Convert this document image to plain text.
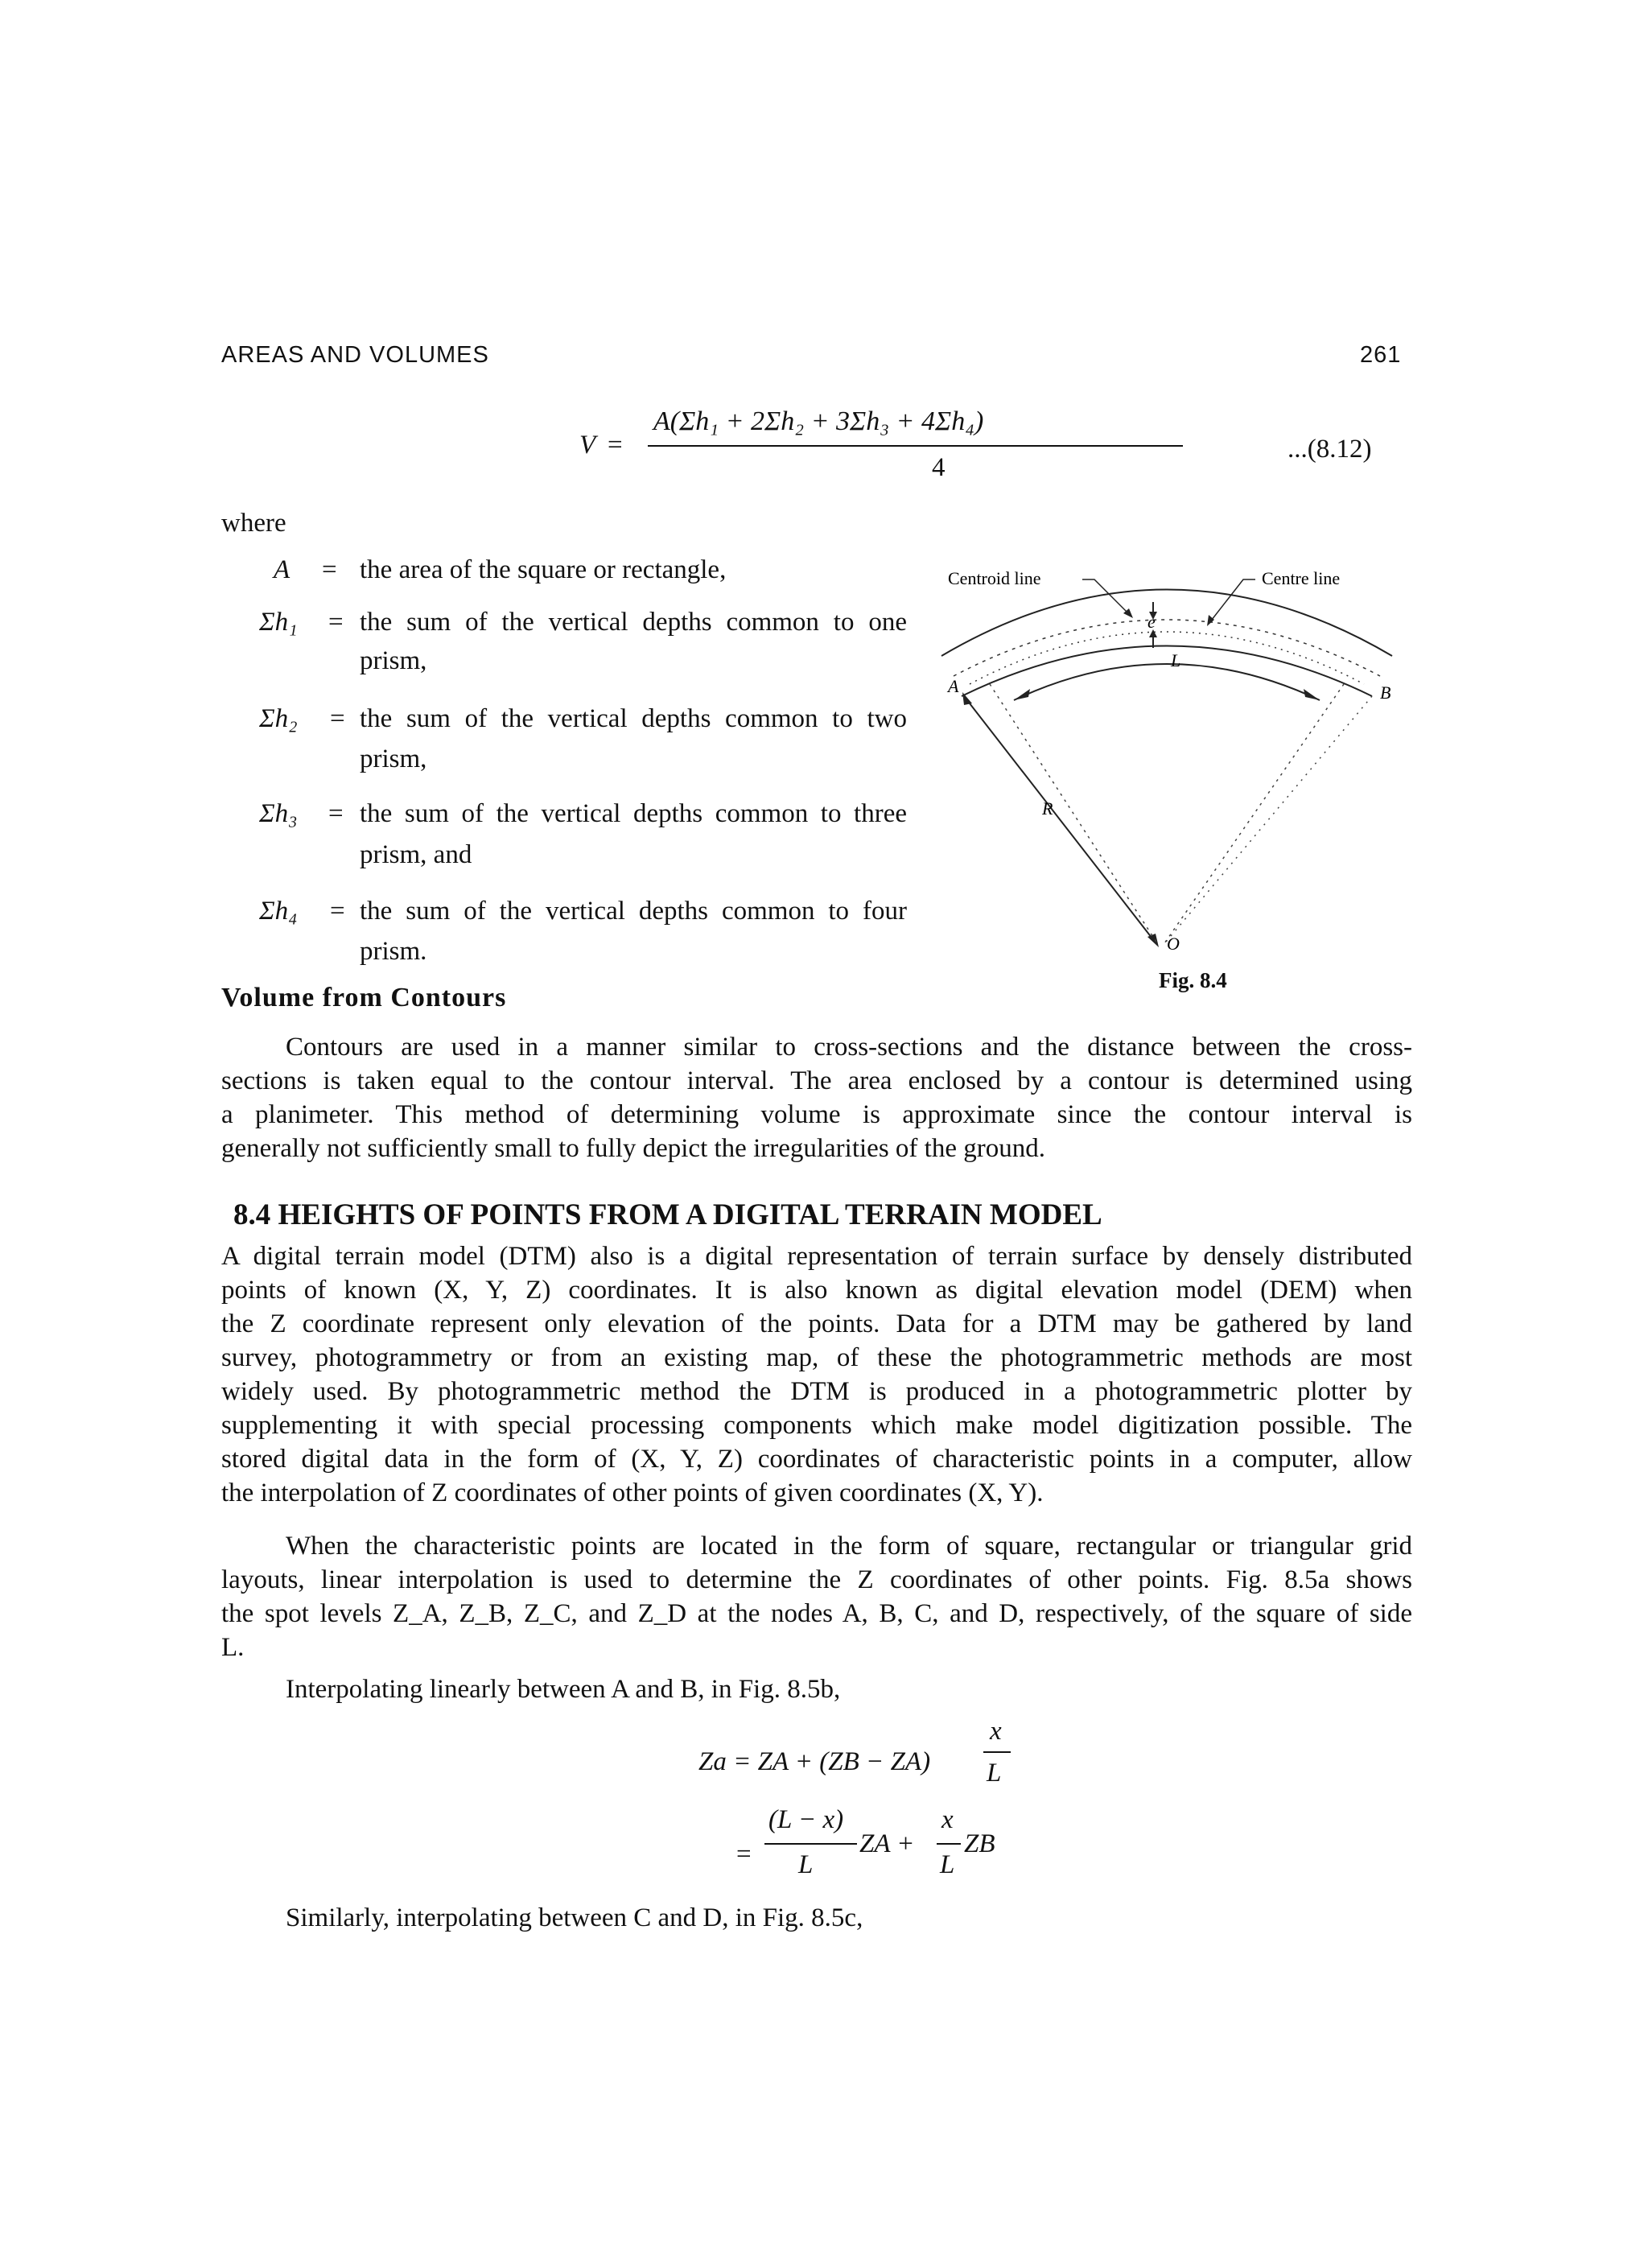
AREAS AND VOLUMES	261
V =
A(Σh₁ + 2Σh₂ + 3Σh₃ + 4Σh₄)
4
...(8.12)
where
A = the area of the square or rectangle,
Σh₁ = the sum of the vertical depths common to one
prism,
Σh₂ = the sum of the vertical depths common to two
prism,
Σh₃ = the sum of the vertical depths common to three
prism, and
Σh₄ = the sum of the vertical depths common to four
prism.
Centroid line	Centre line
e
L
A	B
R
O
Fig. 8.4
Volume from Contours
Contours are used in a manner similar to cross-sections and the distance between the cross-
sections is taken equal to the contour interval. The area enclosed by a contour is determined using
a planimeter. This method of determining volume is approximate since the contour interval is
generally not sufficiently small to fully depict the irregularities of the ground.
8.4 HEIGHTS OF POINTS FROM A DIGITAL TERRAIN MODEL
A digital terrain model (DTM) also is a digital representation of terrain surface by densely distributed
points of known (X, Y, Z) coordinates. It is also known as digital elevation model (DEM) when
the Z coordinate represent only elevation of the points. Data for a DTM may be gathered by land
survey, photogrammetry or from an existing map, of these the photogrammetric methods are most
widely used. By photogrammetric method the DTM is produced in a photogrammetric plotter by
supplementing it with special processing components which make model digitization possible. The
stored digital data in the form of (X, Y, Z) coordinates of characteristic points in a computer, allow
the interpolation of Z coordinates of other points of given coordinates (X, Y).
When the characteristic points are located in the form of square, rectangular or triangular grid
layouts, linear interpolation is used to determine the Z coordinates of other points. Fig. 8.5a shows
the spot levels Z_A, Z_B, Z_C, and Z_D at the nodes A, B, C, and D, respectively, of the square of side
L.
Interpolating linearly between A and B, in Fig. 8.5b,
Za = ZA + (ZB − ZA)
x
L
=
(L − x)
L
ZA +
x
L
ZB
Similarly, interpolating between C and D, in Fig. 8.5c,
